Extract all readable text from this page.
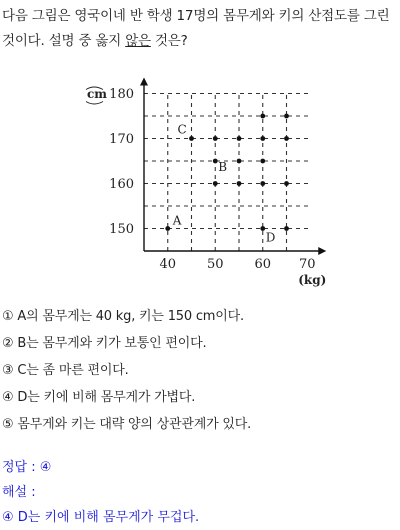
다음 그림은 영국이네 반 학생 17명의 몸무게와 키의 산점도를 그린 것이다. 설명 중 옳지 않은 것은?
40 50 60 70
150
160
170
180
cm
(kg)
A
B
C
D
① A의 몸무게는 40 kg, 키는 150 cm이다.
② B는 몸무게와 키가 보통인 편이다.
③ C는 좀 마른 편이다.
④ D는 키에 비해 몸무게가 가볍다.
⑤ 몸무게와 키는 대략 양의 상관관계가 있다.
정답 : ④
해설 :
④ D는 키에 비해 몸무게가 무겁다.
